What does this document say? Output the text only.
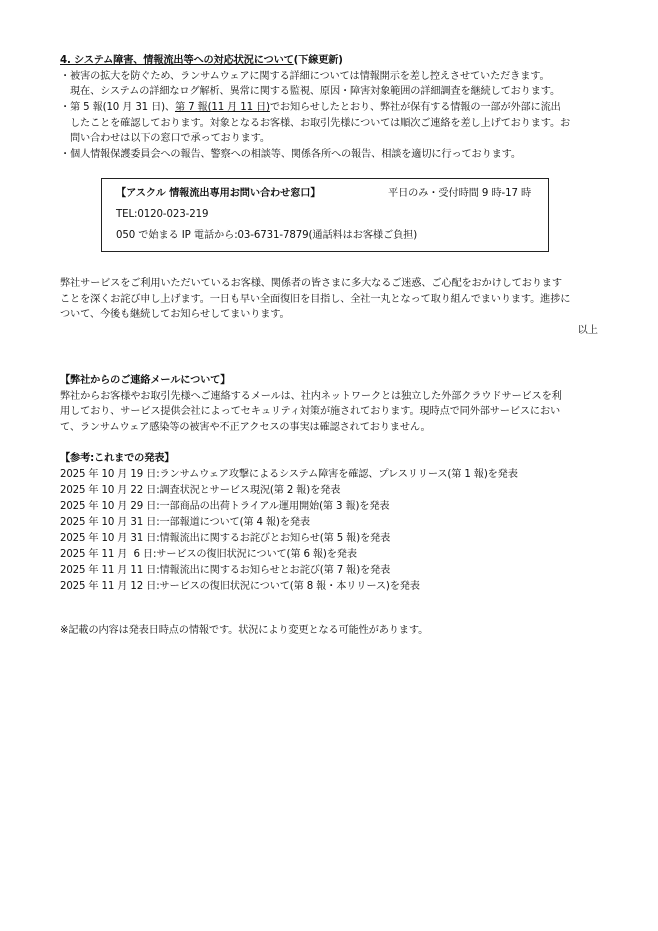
4. システム障害、情報流出等への対応状況について(下線更新)
・被害の拡大を防ぐため、ランサムウェアに関する詳細については情報開示を差し控えさせていただきます。
現在、システムの詳細なログ解析、異常に関する監視、原因・障害対象範囲の詳細調査を継続しております。
・第 5 報(10 月 31 日)、第 7 報(11 月 11 日)でお知らせしたとおり、弊社が保有する情報の一部が外部に流出
したことを確認しております。対象となるお客様、お取引先様については順次ご連絡を差し上げております。お
問い合わせは以下の窓口で承っております。
・個人情報保護委員会への報告、警察への相談等、関係各所への報告、相談を適切に行っております。
【アスクル 情報流出専用お問い合わせ窓口】	平日のみ・受付時間 9 時-17 時
TEL:0120-023-219
050 で始まる IP 電話から:03-6731-7879(通話料はお客様ご負担)
弊社サービスをご利用いただいているお客様、関係者の皆さまに多大なるご迷惑、ご心配をおかけしております
ことを深くお詫び申し上げます。一日も早い全面復旧を目指し、全社一丸となって取り組んでまいります。進捗に
ついて、今後も継続してお知らせしてまいります。
以上
【弊社からのご連絡メールについて】
弊社からお客様やお取引先様へご連絡するメールは、社内ネットワークとは独立した外部クラウドサービスを利
用しており、サービス提供会社によってセキュリティ対策が施されております。現時点で同外部サービスにおい
て、ランサムウェア感染等の被害や不正アクセスの事実は確認されておりません。
【参考:これまでの発表】
2025 年 10 月 19 日:ランサムウェア攻撃によるシステム障害を確認、プレスリリース(第 1 報)を発表
2025 年 10 月 22 日:調査状況とサービス現況(第 2 報)を発表
2025 年 10 月 29 日:一部商品の出荷トライアル運用開始(第 3 報)を発表
2025 年 10 月 31 日:一部報道について(第 4 報)を発表
2025 年 10 月 31 日:情報流出に関するお詫びとお知らせ(第 5 報)を発表
2025 年 11 月  6 日:サービスの復旧状況について(第 6 報)を発表
2025 年 11 月 11 日:情報流出に関するお知らせとお詫び(第 7 報)を発表
2025 年 11 月 12 日:サービスの復旧状況について(第 8 報・本リリース)を発表
※記載の内容は発表日時点の情報です。状況により変更となる可能性があります。
